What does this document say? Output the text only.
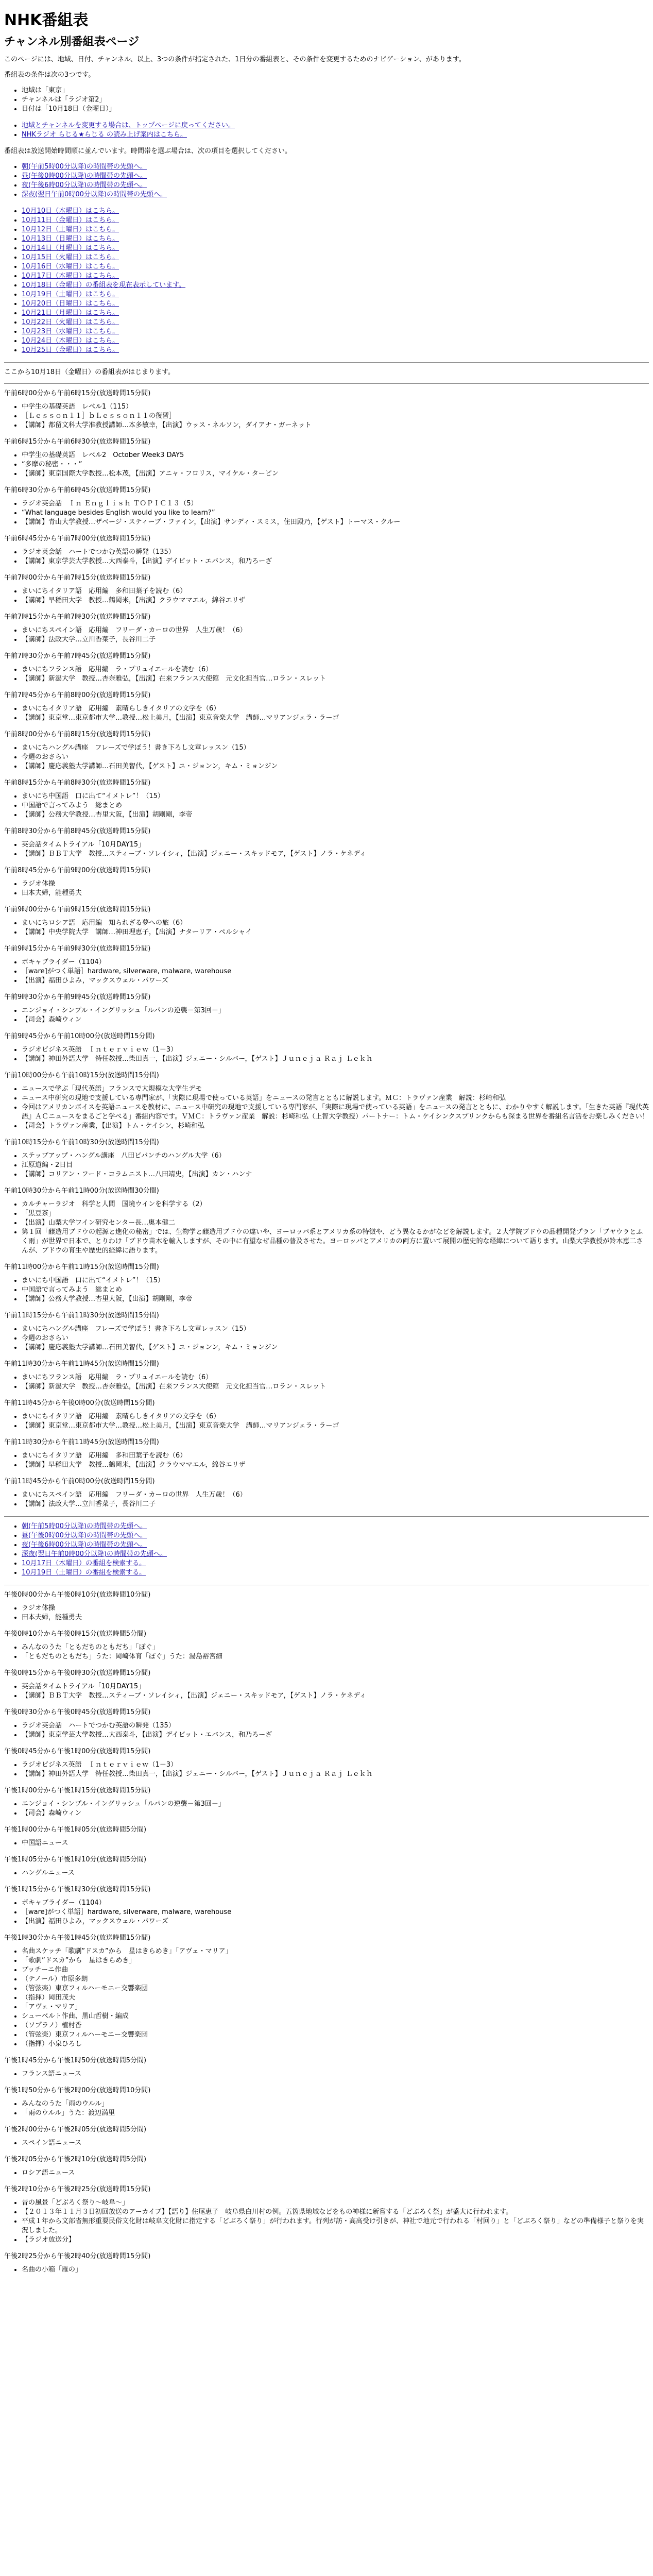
NHK番組表
チャンネル別番組表ページ

このページには、地域、日付、チャンネル、以上、3つの条件が指定された、1日分の番組表と、その条件を変更するためのナビゲーション、があります。

番組表の条件は次の3つです。

• 地域は「東京」
• チャンネルは「ラジオ第2」
• 日付は「10月18日（金曜日）」
• 地域とチャンネルを変更する場合は、トップページに戻ってください。
• NHKラジオ らじる★らじる の読み上げ案内はこちら。

番組表は放送開始時間順に並んでいます。時間帯を選ぶ場合は、次の項目を選択してください。

• 朝(午前5時00分以降)の時間帯の先頭へ。
• 昼(午後0時00分以降)の時間帯の先頭へ。
• 夜(午後6時00分以降)の時間帯の先頭へ。
• 深夜(翌日午前0時00分以降)の時間帯の先頭へ。
• 10月10日（木曜日）はこちら。
• 10月11日（金曜日）はこちら。
• 10月12日（土曜日）はこちら。
• 10月13日（日曜日）はこちら。
• 10月14日（月曜日）はこちら。
• 10月15日（火曜日）はこちら。
• 10月16日（水曜日）はこちら。
• 10月17日（木曜日）はこちら。
• 10月18日（金曜日）の番組表を現在表示しています。
• 10月19日（土曜日）はこちら。
• 10月20日（日曜日）はこちら。
• 10月21日（月曜日）はこちら。
• 10月22日（火曜日）はこちら。
• 10月23日（水曜日）はこちら。
• 10月24日（木曜日）はこちら。
• 10月25日（金曜日）はこちら。

ここから10月18日（金曜日）の番組表がはじまります。

午前6時00分から午前6時15分(放送時間15分間)
• 中学生の基礎英語　レベル1（115）
• ［Ｌｅｓｓｏｎ１１］ｂＬｅｓｓｏｎ１１の復習］
• 【講師】都留文科大学准教授講師…本多敏幸，【出演】ウッス・ネルソン，ダイアナ・ガーネット
午前6時15分から午前6時30分(放送時間15分間)
• 中学生の基礎英語　レベル2　October Week3 DAY5
• “多摩の秘密・・・”
• 【講師】東京国際大学教授…松本茂，【出演】アニャ・フロリス，マイケル・ターピン
午前6時30分から午前6時45分(放送時間15分間)
• ラジオ英会話　Ｉｎ Ｅｎｇｌｉｓｈ ＴＯＰＩＣ１３（5）
• “What language besides English would you like to learn?”
• 【講師】青山大学教授…ザベージ・スティーブ・ファイン，【出演】サンディ・スミス，住田殿乃，【ゲスト】トーマス・クルー
午前6時45分から午前7時00分(放送時間15分間)
• ラジオ英会話　ハートでつかむ英語の瞬発（135）
• 【講師】東京学芸大学教授…大西泰斗，【出演】デイビット・エバンス，和乃ろーざ
午前7時00分から午前7時15分(放送時間15分間)
• まいにちイタリア語　応用編　多和田葉子を読む（6）
• 【講師】早稲田大学　教授…鶴岡米，【出演】クラウママエル，綿谷エリザ
午前7時15分から午前7時30分(放送時間15分間)
• まいにちスペイン語　応用編　フリーダ・カーロの世界　人生万歳！（6）
• 【講師】法政大学…立川香菜子，長谷川二子
午前7時30分から午前7時45分(放送時間15分間)
• まいにちフランス語　応用編　ラ・プリュイエールを読む（6）
• 【講師】新潟大学　教授…杏奈雅弘，【出演】在来フランス大使館　元文化担当官…ロラン・スレット
午前7時45分から午前8時00分(放送時間15分間)
• まいにちイタリア語　応用編　素晴らしきイタリアの文学を（6）
• 【講師】東京堂…東京都市大学…教授…松上美月，【出演】東京音楽大学　講師…マリアンジェラ・ラーゴ
午前8時00分から午前8時15分(放送時間15分間)
• まいにちハングル講座　フレーズで学ぼう！書き下ろし文章レッスン（15）
• 今週のおさらい
• 【講師】慶応義塾大学講師…石田美智代，【ゲスト】ユ・ジョンン，キム・ミョンジン
午前8時15分から午前8時30分(放送時間15分間)
• まいにち中国語　口に出て“イメトレ”！（15）
• 中国語で言ってみよう　総まとめ
• 【講師】公務大学教授…杏里大阪，【出演】胡剛剛，李帝
午前8時30分から午前8時45分(放送時間15分間)
• 英会話タイムトライアル「10月DAY15」
• 【講師】ＢＢＴ大学　教授…スティーブ・ソレイシィ，【出演】ジェニー・スキッドモア，【ゲスト】ノラ・ケネディ
午前8時45分から午前9時00分(放送時間15分間)
• ラジオ体操
• 田本夫婦，能種勇夫
午前9時00分から午前9時15分(放送時間15分間)
• まいにちロシア語　応用編　知られざる夢への旅（6）
• 【講師】中央学院大学　講師…神田理恵子，【出演】ナターリア・ペルシャイ
午前9時15分から午前9時30分(放送時間15分間)
• ボキャブライダー（1104）
• ［ware]がつく単語］hardware, silverware, malware, warehouse
• 【出演】福田ひよみ，マックスウェル・パワーズ
午前9時30分から午前9時45分(放送時間15分間)
• エンジョイ・シンプル・イングリッシュ「ルパンの逆襲－第3回－」
• 【司会】森崎ウィン
午前9時45分から午前10時00分(放送時間15分間)
• ラジオビジネス英語　Ｉｎｔｅｒｖｉｅｗ（1－3）
• 【講師】神田外語大学　特任教授…柴田真一，【出演】ジェニー・シルバー，【ゲスト】Ｊｕｎｅｊａ Ｒａｊ Ｌｅｋｈ
午前10時00分から午前10時15分(放送時間15分間)
• ニュースで学ぶ「現代英語」フランスで大規模な大学生デモ
• ニュース中研究の現地で支援している専門家が、「実際に現場で使っている英語」をニュースの発言とともに解説します。ＭＣ：トラヴァン産業　解説：杉崎和弘
• 今回はアメリカンボイスを英語ニュースを教材に、ニュース中研究の現地で支援している専門家が、「実際に現場で使っている英語」をニュースの発言とともに、わかりやすく解説します。「生きた英語『現代英語』ＡＣニュースをまるごと学べる」番組内容です。ＶＭＣ：トラヴァン産業　解説：杉崎和弘（上智大学教授）パートナー：トム・ケイシンクスプリンクからも深まる世界を番組名言活をお楽しみください！
• 【司会】トラヴァン産業，【出演】トム・ケイシン，杉崎和弘
午前10時15分から午前10時30分(放送時間15分間)
• ステップアップ・ハングル講座　八田ビバンチのハングル大学（6）
• 江原道編・2日目
• 【講師】コリアン・フード・コラムニスト…八田靖史，【出演】カン・ハンナ
午前10時30分から午前11時00分(放送時間30分間)
• カルチャーラジオ　科学と人間　国境ウインを科学する（2）
• 「黒豆茶」
• 【出演】山梨大学ワイン研究センター長…奥本健二
• 第１回「醸造用ブドウの起源と進化の秘密」では、生物学と醸造用ブドウの違いや、ヨーロッパ系とアメリカ系の特徴や、どう異なるかがなどを解説します。２大学院ブドウの品種開発プラン「ブヤウラとふく雨」が世界で日本で、とりわけ「ブドウ苗木を輸入しますが、その中に有望なぜ品種の普及させた。ヨーロッパとアメリカの両方に置いて展開の歴史的な経緯について語ります。山梨大学教授が鈴木恵二さんが、ブドウの育生や歴史的経緯に語ります。
午前11時00分から午前11時15分(放送時間15分間)
• まいにち中国語　口に出て“イメトレ”！（15）
• 中国語で言ってみよう　総まとめ
• 【講師】公務大学教授…杏里大阪，【出演】胡剛剛，李帝
午前11時15分から午前11時30分(放送時間15分間)
• まいにちハングル講座　フレーズで学ぼう！書き下ろし文章レッスン（15）
• 今週のおさらい
• 【講師】慶応義塾大学講師…石田美智代，【ゲスト】ユ・ジョンン，キム・ミョンジン
午前11時30分から午前11時45分(放送時間15分間)
• まいにちフランス語　応用編　ラ・プリュイエールを読む（6）
• 【講師】新潟大学　教授…杏奈雅弘，【出演】在来フランス大使館　元文化担当官…ロラン・スレット
午前11時45分から午後0時00分(放送時間15分間)
• まいにちイタリア語　応用編　素晴らしきイタリアの文学を（6）
• 【講師】東京堂…東京都市大学…教授…松上美月，【出演】東京音楽大学　講師…マリアンジェラ・ラーゴ
午前11時30分から午前11時45分(放送時間15分間)
• まいにちイタリア語　応用編　多和田葉子を読む（6）
• 【講師】早稲田大学　教授…鶴岡米，【出演】クラウママエル，綿谷エリザ
午前11時45分から午前0時00分(放送時間15分間)
• まいにちスペイン語　応用編　フリーダ・カーロの世界　人生万歳！（6）
• 【講師】法政大学…立川香菜子，長谷川二子
• 朝(午前5時00分以降)の時間帯の先頭へ。
• 昼(午後0時00分以降)の時間帯の先頭へ。
• 夜(午後6時00分以降)の時間帯の先頭へ。
• 深夜(翌日午前0時00分以降)の時間帯の先頭へ。
• 10月17日（木曜日）の番組を検索する。
• 10月19日（土曜日）の番組を検索する。
午後0時00分から午後0時10分(放送時間10分間)
• ラジオ体操
• 田本夫婦，能種勇夫
午後0時10分から午後0時15分(放送時間5分間)
• みんなのうた「ともだちのともだち」「ぽぐ」
• 「ともだちのともだち」うた：岡崎体育「ぽぐ」うた：湯島裕宮細
午後0時15分から午後0時30分(放送時間15分間)
• 英会話タイムトライアル「10月DAY15」
• 【講師】ＢＢＴ大学　教授…スティーブ・ソレイシィ，【出演】ジェニー・スキッドモア，【ゲスト】ノラ・ケネディ
午後0時30分から午後0時45分(放送時間15分間)
• ラジオ英会話　ハートでつかむ英語の瞬発（135）
• 【講師】東京学芸大学教授…大西泰斗，【出演】デイビット・エバンス，和乃ろーざ
午後0時45分から午後1時00分(放送時間15分間)
• ラジオビジネス英語　Ｉｎｔｅｒｖｉｅｗ（1－3）
• 【講師】神田外語大学　特任教授…柴田真一，【出演】ジェニー・シルバー，【ゲスト】Ｊｕｎｅｊａ Ｒａｊ Ｌｅｋｈ
午後1時00分から午後1時15分(放送時間15分間)
• エンジョイ・シンプル・イングリッシュ「ルパンの逆襲－第3回－」
• 【司会】森崎ウィン
午後1時00分から午後1時05分(放送時間5分間)
• 中国語ニュース
午後1時05分から午後1時10分(放送時間5分間)
• ハングルニュース
午後1時15分から午後1時30分(放送時間15分間)
• ボキャブライダー（1104）
• ［ware]がつく単語］hardware, silverware, malware, warehouse
• 【出演】福田ひよみ，マックスウェル・パワーズ
午後1時30分から午後1時45分(放送時間15分間)
• 名曲スケッチ「歌劇”ドスカ”から　星はきらめき」「アヴェ・マリア」
• 「歌劇”ドスカ”から　星はきらめき」
• プッチーニ作曲
• （テノール）市原多朗
• （管弦楽）東京フィルハーモニー交響楽団
• （指揮）岡田茂夫
• 「アヴェ・マリア」
• シューベルト作曲、黒山哲樹・編成
• （ソプラノ）植村香
• （管弦楽）東京フィルハーモニー交響楽団
• （指揮）小泉ひろし
午後1時45分から午後1時50分(放送時間5分間)
• フランス語ニュース
午後1時50分から午後2時00分(放送時間10分間)
• みんなのうた「雨のウルル」
• 「雨のウルル」うた：渡辺満里
午後2時00分から午後2時05分(放送時間5分間)
• スペイン語ニュース
午後2時05分から午後2時10分(放送時間5分間)
• ロシア語ニュース
午後2時10分から午後2時25分(放送時間15分間)
• 昔の風景「どぶろく祭り～岐阜～」
• 【２０１３年１１月３日初回放送のアーカイブ】【語り】住尾恵子　岐阜県白川村の例。五箇県地域などをもの神様に新嘗する「どぶろく祭」が盛大に行われます。
• 平成１年から文部省無形重要民俗文化財は岐阜文化財に指定する「どぶろく祭り」が行われます。行列が訪・高高受け引きが、神社で地元で行われる「村回り」と「どぶろく祭り」などの準備様子と祭りを実況しました。
• 【ラジオ放送分】
午後2時25分から午後2時40分(放送時間15分間)
• 名曲の小箱「雁の」
